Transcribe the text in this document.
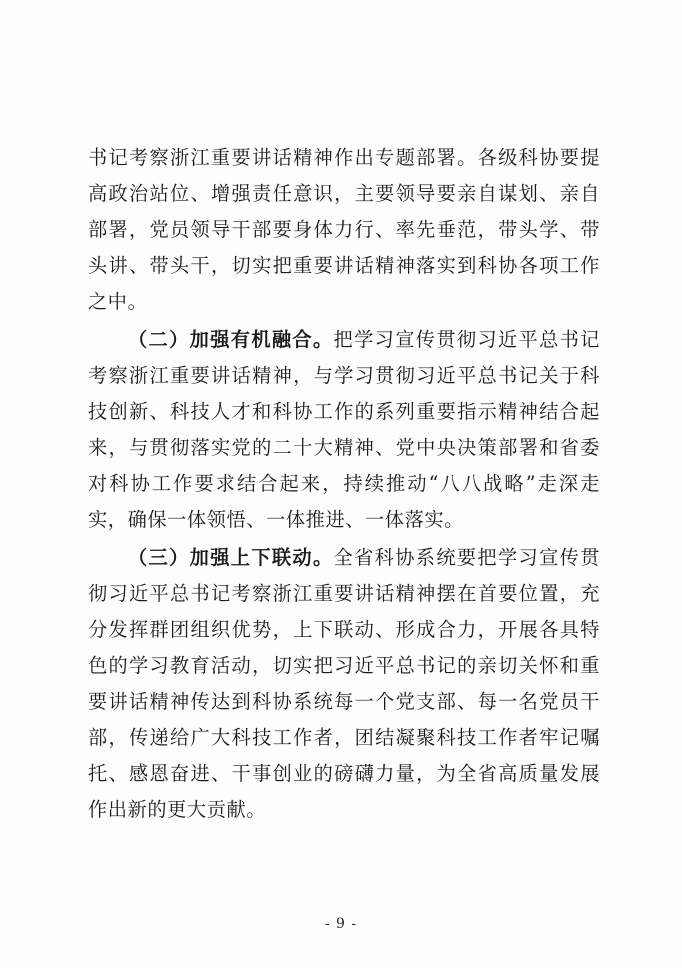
书记考察浙江重要讲话精神作出专题部署。各级科协要提高政治站位、增强责任意识，主要领导要亲自谋划、亲自部署，党员领导干部要身体力行、率先垂范，带头学、带头讲、带头干，切实把重要讲话精神落实到科协各项工作之中。

（二）加强有机融合。把学习宣传贯彻习近平总书记考察浙江重要讲话精神，与学习贯彻习近平总书记关于科技创新、科技人才和科协工作的系列重要指示精神结合起来，与贯彻落实党的二十大精神、党中央决策部署和省委对科协工作要求结合起来，持续推动“八八战略”走深走实，确保一体领悟、一体推进、一体落实。

（三）加强上下联动。全省科协系统要把学习宣传贯彻习近平总书记考察浙江重要讲话精神摆在首要位置，充分发挥群团组织优势，上下联动、形成合力，开展各具特色的学习教育活动，切实把习近平总书记的亲切关怀和重要讲话精神传达到科协系统每一个党支部、每一名党员干部，传递给广大科技工作者，团结凝聚科技工作者牢记嘱托、感恩奋进、干事创业的磅礴力量，为全省高质量发展作出新的更大贡献。

- 9 -
